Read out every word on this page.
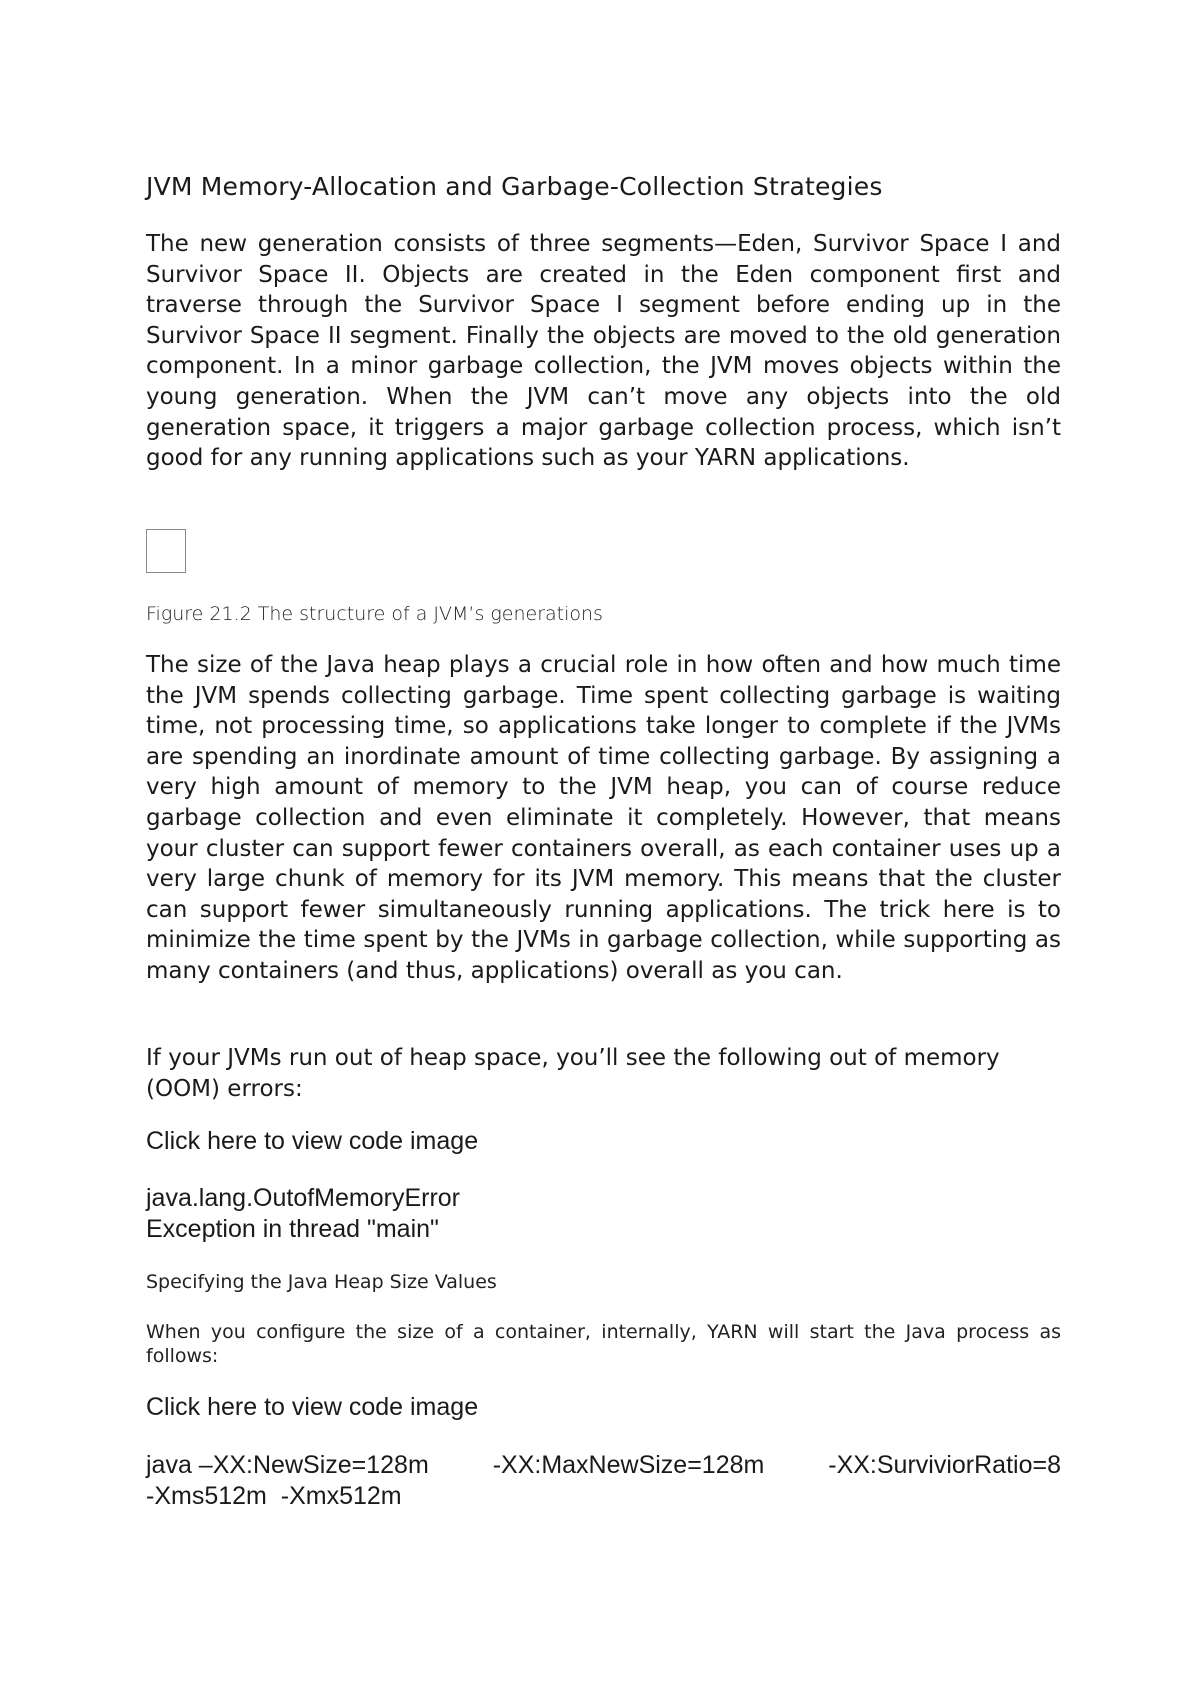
JVM Memory-Allocation and Garbage-Collection Strategies

The new generation consists of three segments—Eden, Survivor Space I and Survivor Space II. Objects are created in the Eden component first and traverse through the Survivor Space I segment before ending up in the Survivor Space II segment. Finally the objects are moved to the old generation component. In a minor garbage collection, the JVM moves objects within the young generation. When the JVM can’t move any objects into the old generation space, it triggers a major garbage collection process, which isn’t good for any running applications such as your YARN applications.

Figure 21.2 The structure of a JVM’s generations

The size of the Java heap plays a crucial role in how often and how much time the JVM spends collecting garbage. Time spent collecting garbage is waiting time, not processing time, so applications take longer to complete if the JVMs are spending an inordinate amount of time collecting garbage. By assigning a very high amount of memory to the JVM heap, you can of course reduce garbage collection and even eliminate it completely. However, that means your cluster can support fewer containers overall, as each container uses up a very large chunk of memory for its JVM memory. This means that the cluster can support fewer simultaneously running applications. The trick here is to minimize the time spent by the JVMs in garbage collection, while supporting as many containers (and thus, applications) overall as you can.

If your JVMs run out of heap space, you’ll see the following out of memory (OOM) errors:

Click here to view code image

java.lang.OutofMemoryError
Exception in thread "main"

Specifying the Java Heap Size Values

When you configure the size of a container, internally, YARN will start the Java process as follows:

Click here to view code image

java –XX:NewSize=128m	-XX:MaxNewSize=128m	-XX:SurviviorRatio=8
-Xms512m  -Xmx512m
